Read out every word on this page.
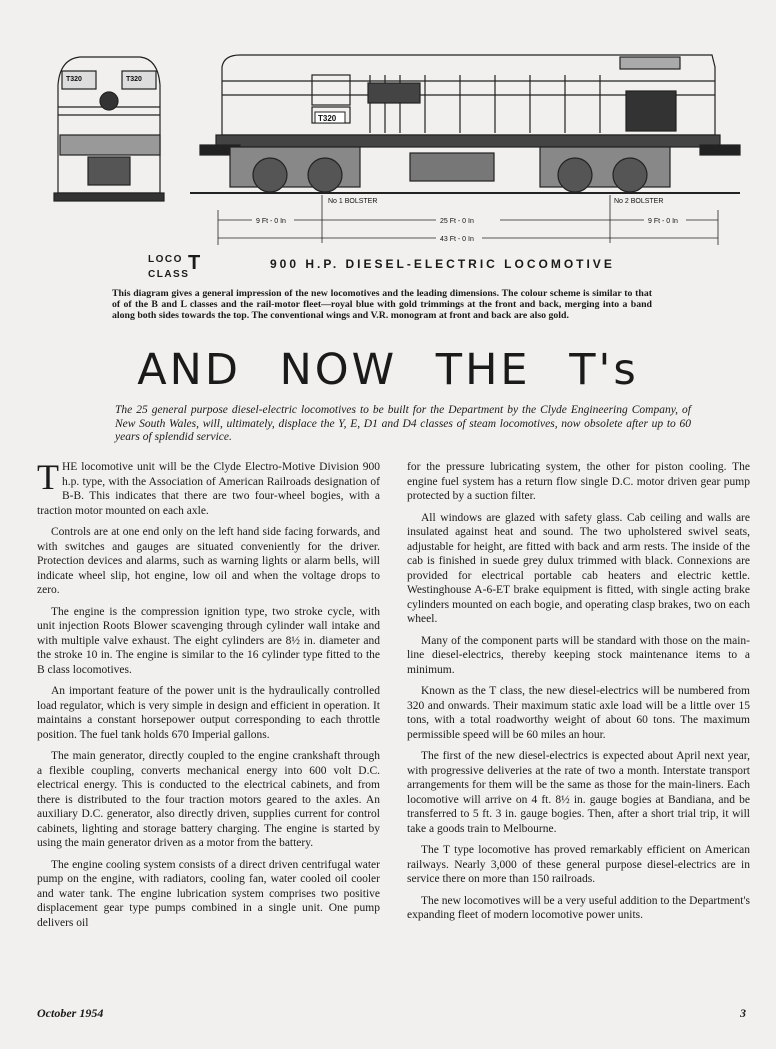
T320	T320
T320
No 1 BOLSTER	No 2 BOLSTER
9 Ft - 0 In	25 Ft - 0 In	9 Ft - 0 In
43 Ft - 0 In
LOCO
CLASS
T	900 H.P. DIESEL-ELECTRIC LOCOMOTIVE
This diagram gives a general impression of the new locomotives and the leading dimensions. The colour scheme is similar to that of of the B and L classes and the rail-motor fleet—royal blue with gold trimmings at the front and back, merging into a band along both sides towards the top. The conventional wings and V.R. monogram at front and back are also gold.
AND NOW THE T's
The 25 general purpose diesel-electric locomotives to be built for the Department by the Clyde Engineering Company, of New South Wales, will, ultimately, displace the Y, E, D1 and D4 classes of steam locomotives, now obsolete after up to 60 years of splendid service.

THE locomotive unit will be the Clyde Electro-Motive Division 900 h.p. type, with the Association of American Railroads designation of B-B. This indicates that there are two four-wheel bogies, with a traction motor mounted on each axle.

Controls are at one end only on the left hand side facing forwards, and with switches and gauges are situated conveniently for the driver. Protection devices and alarms, such as warning lights or alarm bells, will indicate wheel slip, hot engine, low oil and when the voltage drops to zero.

The engine is the compression ignition type, two stroke cycle, with unit injection Roots Blower scavenging through cylinder wall intake and with multiple valve exhaust. The eight cylinders are 8½ in. diameter and the stroke 10 in. The engine is similar to the 16 cylinder type fitted to the B class locomotives.

An important feature of the power unit is the hydraulically controlled load regulator, which is very simple in design and efficient in operation. It maintains a constant horsepower output corresponding to each throttle position. The fuel tank holds 670 Imperial gallons.

The main generator, directly coupled to the engine crankshaft through a flexible coupling, converts mechanical energy into 600 volt D.C. electrical energy. This is conducted to the electrical cabinets, and from there is distributed to the four traction motors geared to the axles. An auxiliary D.C. generator, also directly driven, supplies current for control cabinets, lighting and storage battery charging. The engine is started by using the main generator driven as a motor from the battery.

The engine cooling system consists of a direct driven centrifugal water pump on the engine, with radiators, cooling fan, water cooled oil cooler and water tank. The engine lubrication system comprises two positive displacement gear type pumps combined in a single unit. One pump delivers oil

for the pressure lubricating system, the other for piston cooling. The engine fuel system has a return flow single D.C. motor driven gear pump protected by a suction filter.

All windows are glazed with safety glass. Cab ceiling and walls are insulated against heat and sound. The two upholstered swivel seats, adjustable for height, are fitted with back and arm rests. The inside of the cab is finished in suede grey dulux trimmed with black. Connexions are provided for electrical portable cab heaters and electric kettle. Westinghouse A-6-ET brake equipment is fitted, with single acting brake cylinders mounted on each bogie, and operating clasp brakes, two on each wheel.

Many of the component parts will be standard with those on the main-line diesel-electrics, thereby keeping stock maintenance items to a minimum.

Known as the T class, the new diesel-electrics will be numbered from 320 and onwards. Their maximum static axle load will be a little over 15 tons, with a total roadworthy weight of about 60 tons. The maximum permissible speed will be 60 miles an hour.

The first of the new diesel-electrics is expected about April next year, with progressive deliveries at the rate of two a month. Interstate transport arrangements for them will be the same as those for the main-liners. Each locomotive will arrive on 4 ft. 8½ in. gauge bogies at Bandiana, and be transferred to 5 ft. 3 in. gauge bogies. Then, after a short trial trip, it will take a goods train to Melbourne.

The T type locomotive has proved remarkably efficient on American railways. Nearly 3,000 of these general purpose diesel-electrics are in service there on more than 150 railroads.

The new locomotives will be a very useful addition to the Department's expanding fleet of modern locomotive power units.

October 1954	3
